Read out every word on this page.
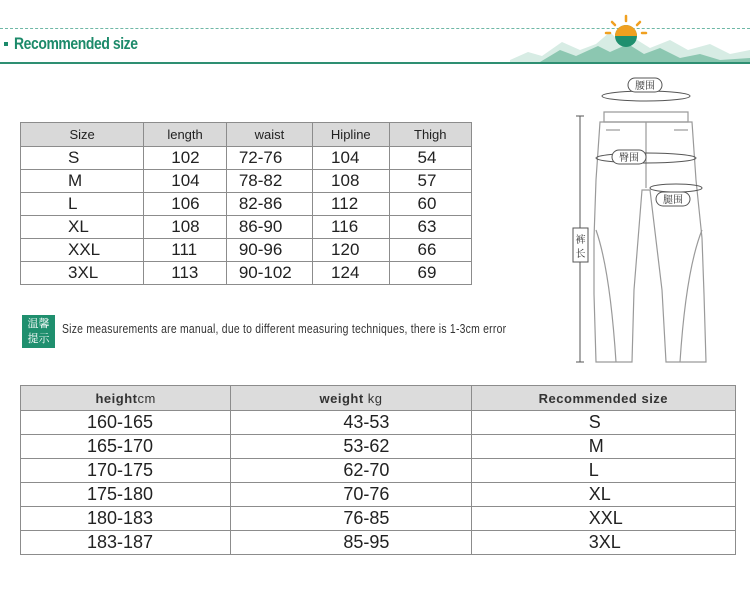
Recommended size
Size	length	waist	Hipline	Thigh
S	102	72-76	104	54
M	104	78-82	108	57
L	106	82-86	112	60
XL	108	86-90	116	63
XXL	111	90-96	120	66
3XL	113	90-102	124	69
温馨
提示
Size measurements are manual, due to different measuring techniques, there is 1-3cm error
腰围
臀围
腿围
裤
长
heightcm	weight kg	Recommended size
160-165	43-53	S
165-170	53-62	M
170-175	62-70	L
175-180	70-76	XL
180-183	76-85	XXL
183-187	85-95	3XL
